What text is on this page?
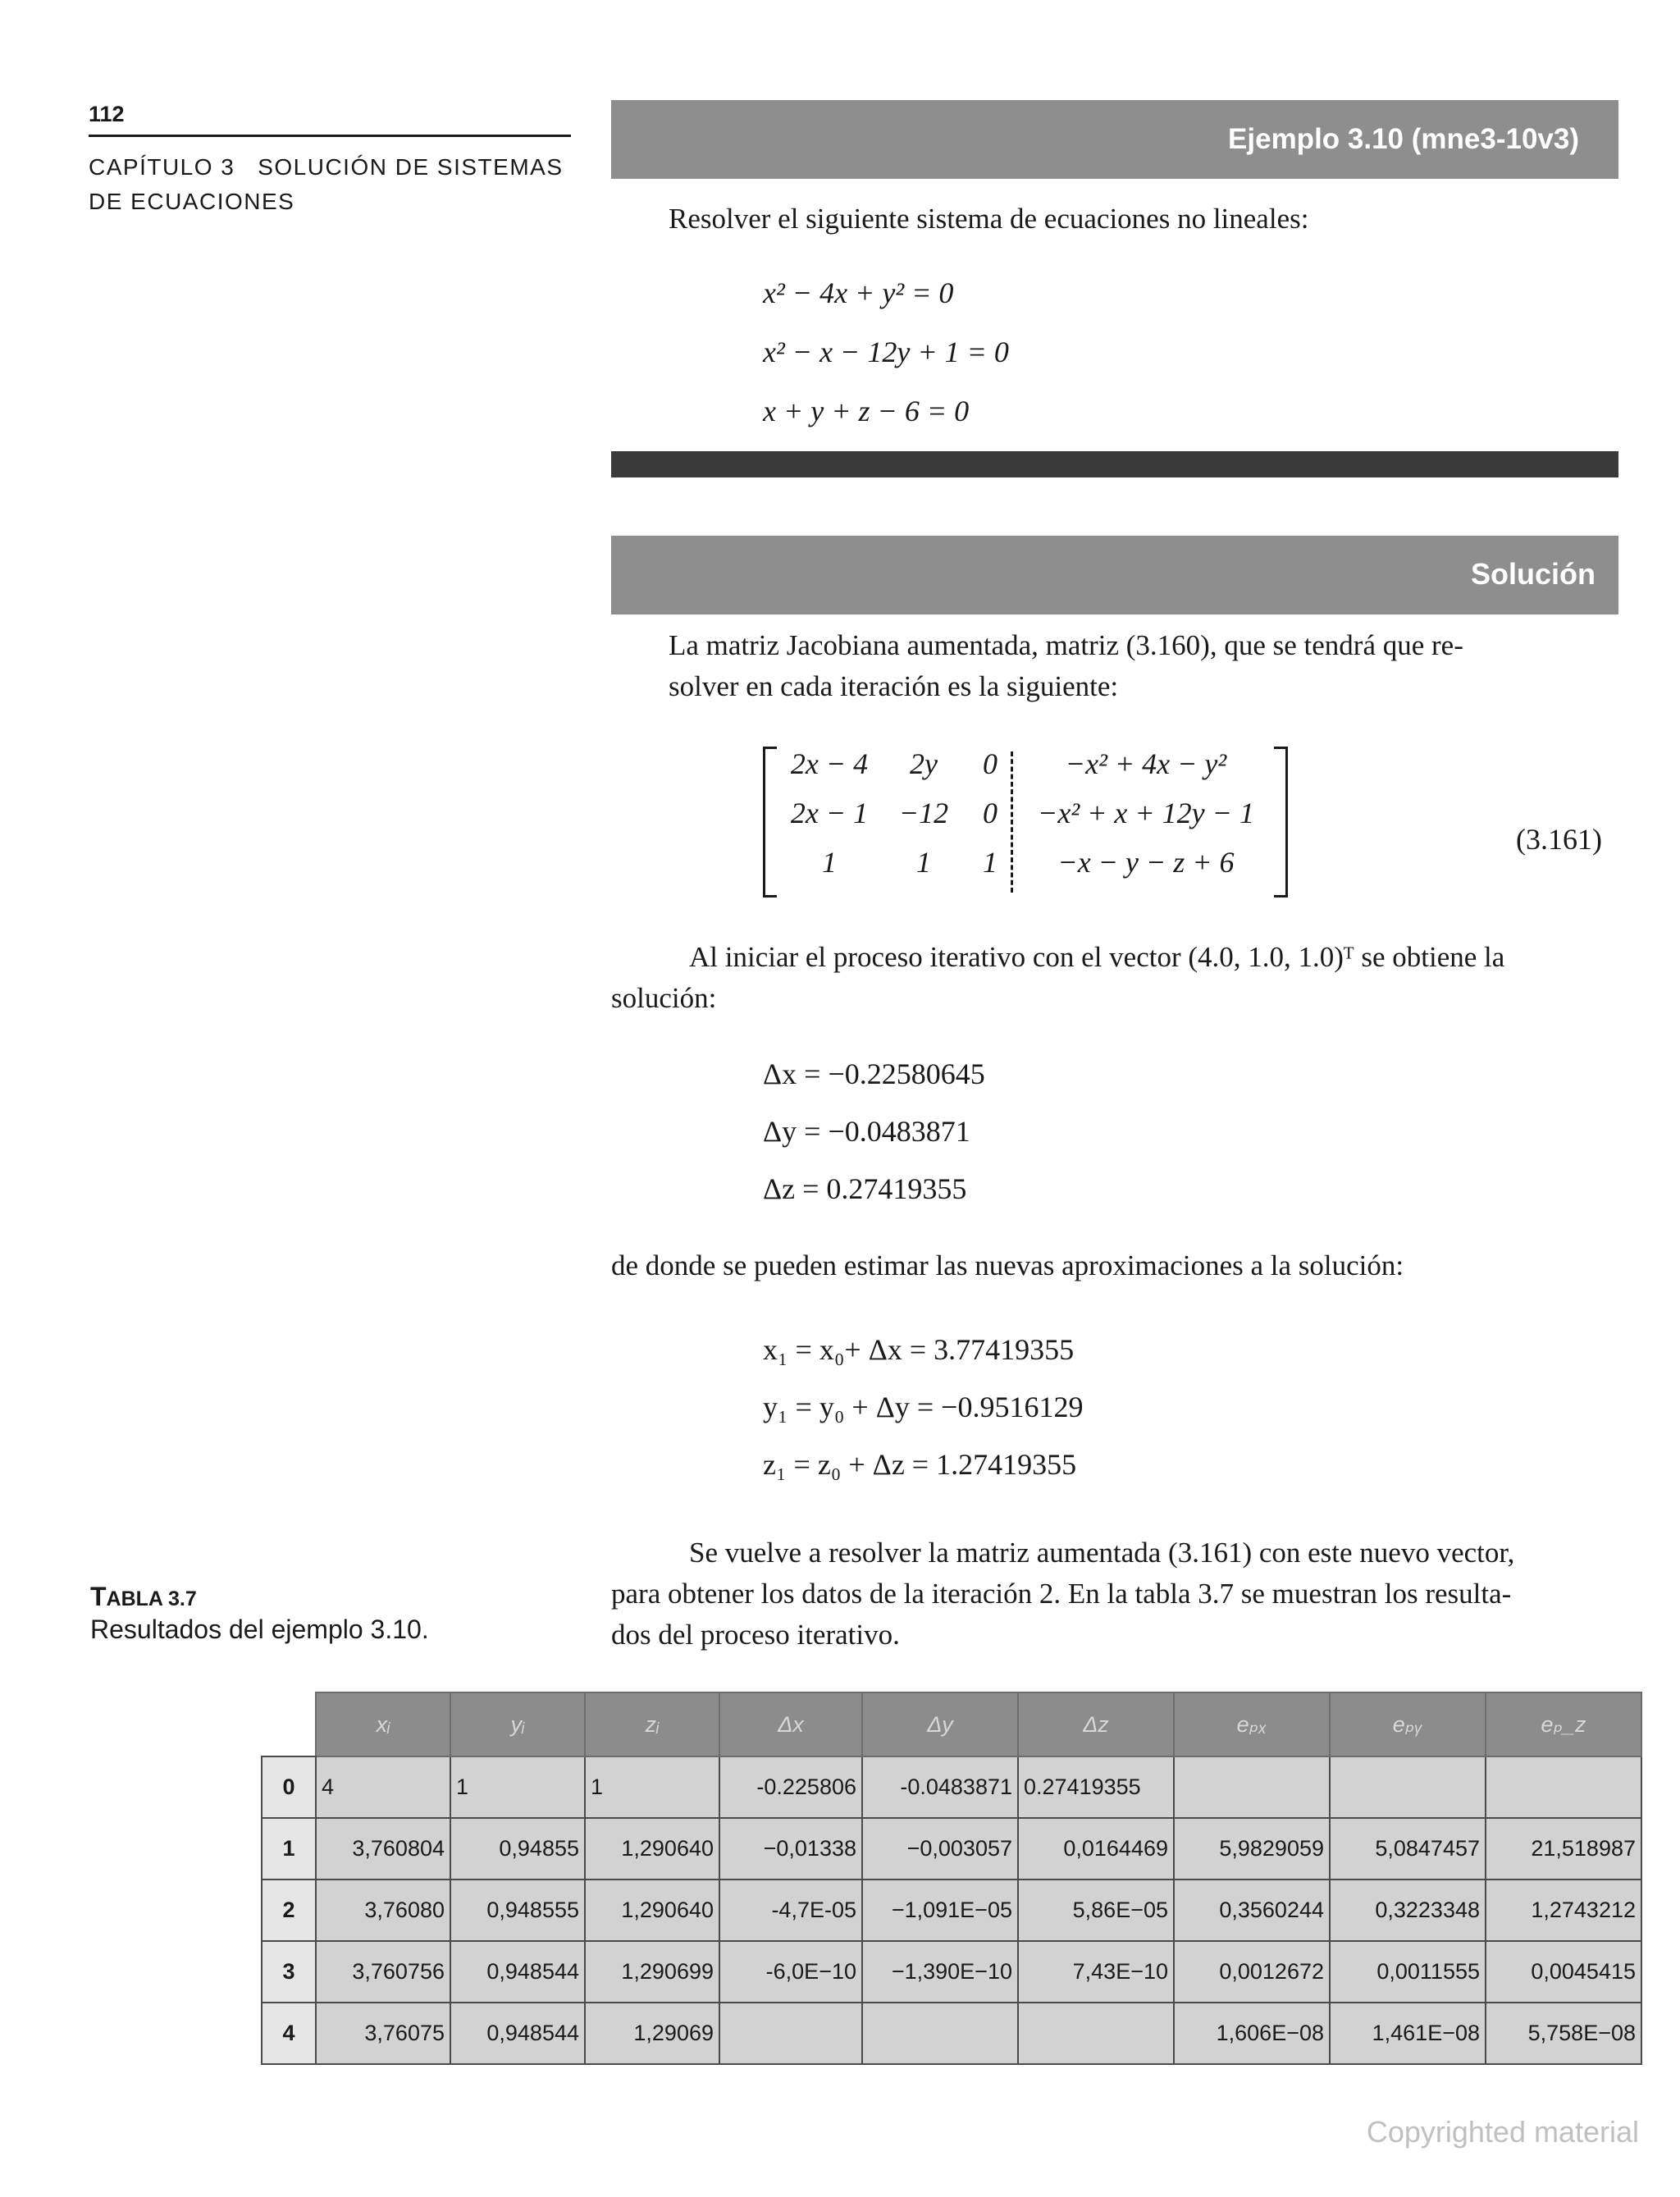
112
CAPÍTULO 3   SOLUCIÓN DE SISTEMAS
DE ECUACIONES
Ejemplo 3.10 (mne3-10v3)
Resolver el siguiente sistema de ecuaciones no lineales:
x² − 4x + y² = 0
x² − x − 12y + 1 = 0
x + y + z − 6 = 0
Solución
La matriz Jacobiana aumentada, matriz (3.160), que se tendrá que re-
solver en cada iteración es la siguiente:
2x − 4	2y	0	−x² + 4x − y²
2x − 1	−12	0	−x² + x + 12y − 1
1	1	1	−x − y − z + 6
(3.161)
Al iniciar el proceso iterativo con el vector (4.0, 1.0, 1.0)ᵀ se obtiene la
solución:
Δx = −0.22580645
Δy = −0.0483871
Δz = 0.27419355
de donde se pueden estimar las nuevas aproximaciones a la solución:
x₁ = x₀+ Δx = 3.77419355
y₁ = y₀ + Δy = −0.9516129
z₁ = z₀ + Δz = 1.27419355
Se vuelve a resolver la matriz aumentada (3.161) con este nuevo vector,
para obtener los datos de la iteración 2. En la tabla 3.7 se muestran los resulta-
dos del proceso iterativo.
TABLA 3.7
Resultados del ejemplo 3.10.
	xᵢ	yᵢ	zᵢ	Δx	Δy	Δz	eₚₓ	eₚᵧ	eₚ_z
0	4	1	1	-0.225806	-0.0483871	0.27419355			
1	3,760804	0,94855	1,290640	−0,01338	−0,003057	0,0164469	5,9829059	5,0847457	21,518987
2	3,76080	0,948555	1,290640	-4,7E-05	−1,091E−05	5,86E−05	0,3560244	0,3223348	1,2743212
3	3,760756	0,948544	1,290699	-6,0E−10	−1,390E−10	7,43E−10	0,0012672	0,0011555	0,0045415
4	3,76075	0,948544	1,29069				1,606E−08	1,461E−08	5,758E−08
Copyrighted material
